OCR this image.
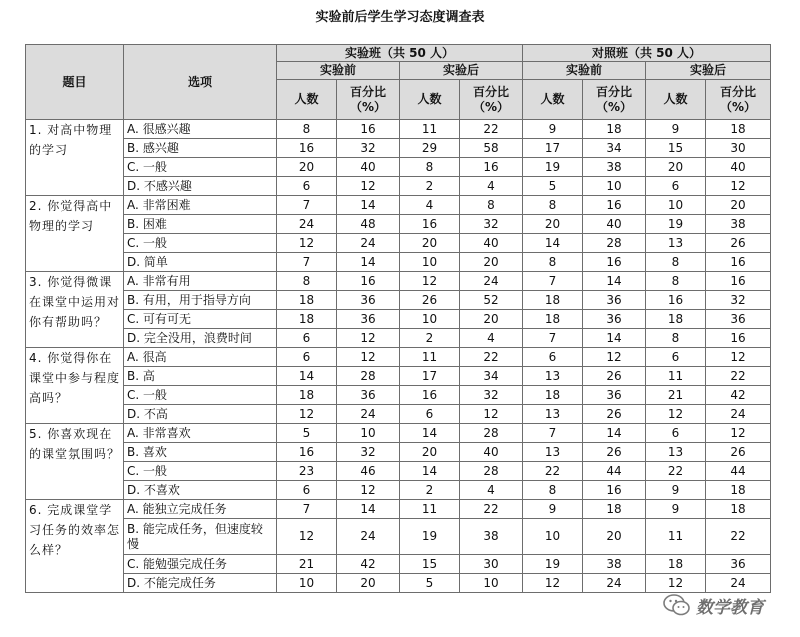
实验前后学生学习态度调查表
题目	选项	实验班（共 50 人）				对照班（共 50 人）			
		实验前		实验后		实验前		实验后	
		人数	百分比（%）	人数	百分比（%）	人数	百分比（%）	人数	百分比（%）
1. 对高中物理的学习	A. 很感兴趣	8	16	11	22	9	18	9	18
	B. 感兴趣	16	32	29	58	17	34	15	30
	C. 一般	20	40	8	16	19	38	20	40
	D. 不感兴趣	6	12	2	4	5	10	6	12
2. 你觉得高中物理的学习	A. 非常困难	7	14	4	8	8	16	10	20
	B. 困难	24	48	16	32	20	40	19	38
	C. 一般	12	24	20	40	14	28	13	26
	D. 简单	7	14	10	20	8	16	8	16
3. 你觉得微课在课堂中运用对你有帮助吗？	A. 非常有用	8	16	12	24	7	14	8	16
	B. 有用，用于指导方向	18	36	26	52	18	36	16	32
	C. 可有可无	18	36	10	20	18	36	18	36
	D. 完全没用，浪费时间	6	12	2	4	7	14	8	16
4. 你觉得你在课堂中参与程度高吗？	A. 很高	6	12	11	22	6	12	6	12
	B. 高	14	28	17	34	13	26	11	22
	C. 一般	18	36	16	32	18	36	21	42
	D. 不高	12	24	6	12	13	26	12	24
5. 你喜欢现在的课堂氛围吗？	A. 非常喜欢	5	10	14	28	7	14	6	12
	B. 喜欢	16	32	20	40	13	26	13	26
	C. 一般	23	46	14	28	22	44	22	44
	D. 不喜欢	6	12	2	4	8	16	9	18
6. 完成课堂学习任务的效率怎么样？	A. 能独立完成任务	7	14	11	22	9	18	9	18
	B. 能完成任务，但速度较慢	12	24	19	38	10	20	11	22
	C. 能勉强完成任务	21	42	15	30	19	38	18	36
	D. 不能完成任务	10	20	5	10	12	24	12	24
数学教育
